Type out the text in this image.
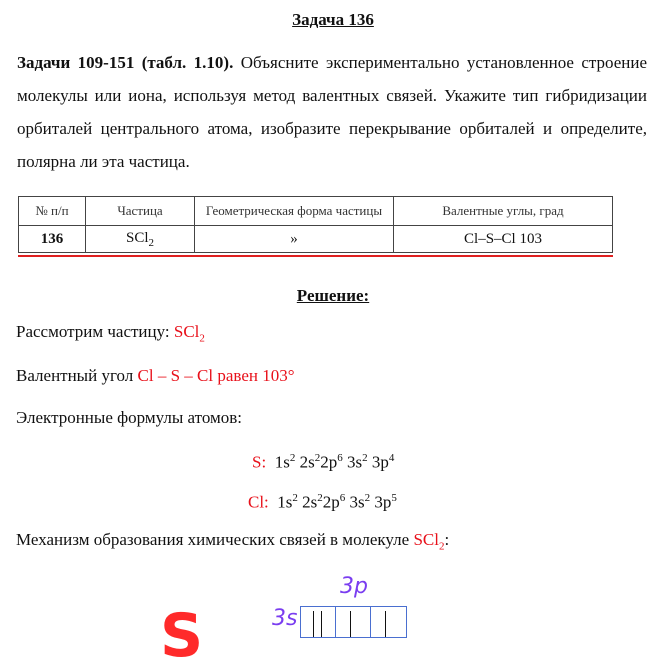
Задача 136
Задачи 109-151 (табл. 1.10). Объясните экспериментально установленное строение молекулы или иона, используя метод валентных связей. Укажите тип гибридизации орбиталей центрального атома, изобразите перекрывание орбиталей и определите, полярна ли эта частица.
№ п/п	Частица	Геометрическая форма частицы	Валентные углы, град
136	SCl$_2$	»	Cl–S–Cl 103
Решение:
Рассмотрим частицу: SCl$_2$
Валентный угол Cl – S – Cl равен 103°
Электронные формулы атомов:
S: $1s^2$ $2s^22p^6$ $3s^2$ $3p^4$
Cl: $1s^2$ $2s^22p^6$ $3s^2$ $3p^5$
Механизм образования химических связей в молекуле SCl$_2$:
3p
3s
S
